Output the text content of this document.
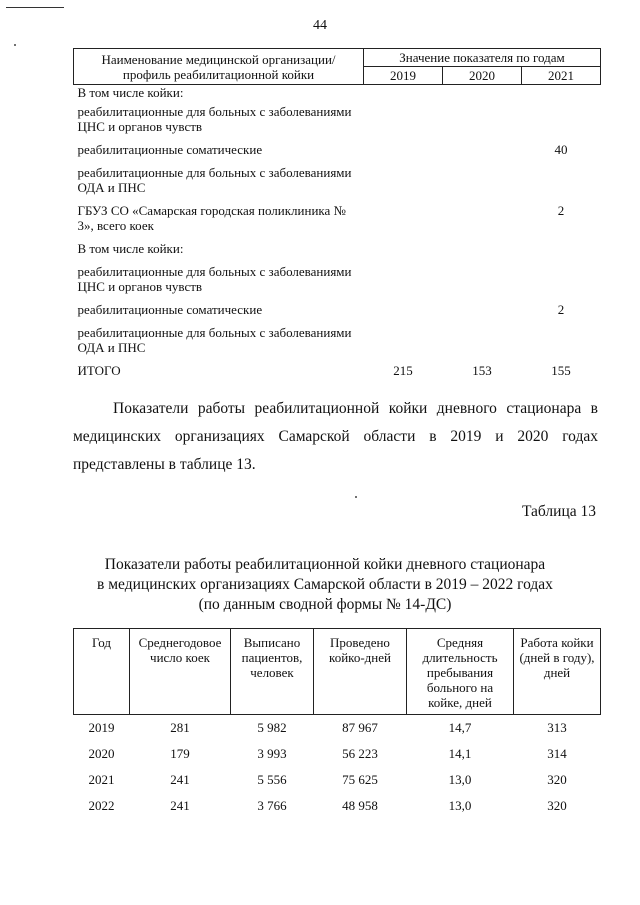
44
Наименование медицинской организации/профиль реабилитационной койки	Значение показателя по годам		
	2019	2020	2021
В том числе койки:			
реабилитационные для больных с заболеваниями ЦНС и органов чувств			
реабилитационные соматические			40
реабилитационные для больных с заболеваниями ОДА и ПНС			
ГБУЗ СО «Самарская городская поликлиника № 3», всего коек			2
В том числе койки:			
реабилитационные для больных с заболеваниями ЦНС и органов чувств			
реабилитационные соматические			2
реабилитационные для больных с заболеваниями ОДА и ПНС			
ИТОГО	215	153	155
Показатели работы реабилитационной койки дневного стационара в медицинских организациях Самарской области в 2019 и 2020 годах представлены в таблице 13.
Таблица 13
Показатели работы реабилитационной койки дневного стационара
в медицинских организациях Самарской области в 2019 – 2022 годах
(по данным сводной формы № 14-ДС)
Год	Среднегодовое число коек	Выписано пациентов, человек	Проведено койко-дней	Средняя длительность пребывания больного на койке, дней	Работа койки (дней в году), дней
2019	281	5 982	87 967	14,7	313
2020	179	3 993	56 223	14,1	314
2021	241	5 556	75 625	13,0	320
2022	241	3 766	48 958	13,0	320
